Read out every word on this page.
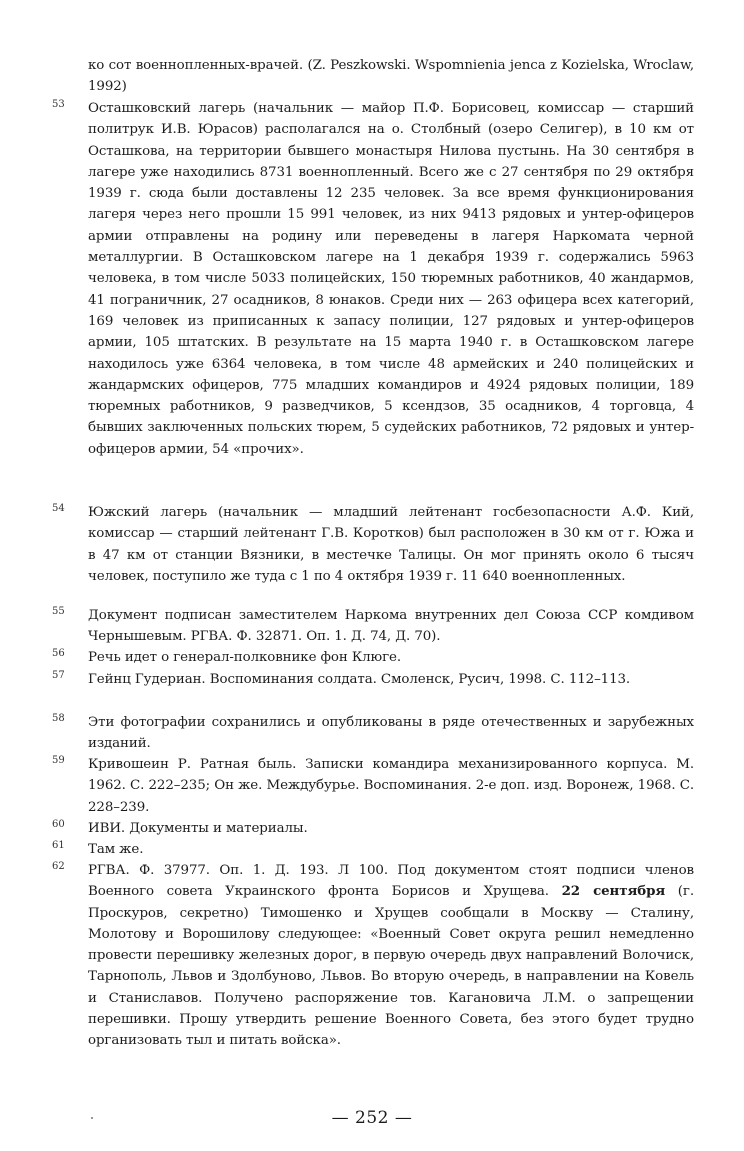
ко сот военнопленных-врачей. (Z. Peszkowski. Wspomnienia jenca z Kozielska, Wroclaw, 1992)
53 Осташковский лагерь (начальник — майор П.Ф. Борисовец, комиссар — старший политрук И.В. Юрасов) располагался на о. Столбный (озеро Селигер), в 10 км от Осташкова, на территории бывшего монастыря Нилова пустынь. На 30 сентября в лагере уже находились 8731 военнопленный. Всего же с 27 сентября по 29 октября 1939 г. сюда были доставлены 12 235 человек. За все время функционирования лагеря через него прошли 15 991 человек, из них 9413 рядовых и унтер-офицеров армии отправлены на родину или переведены в лагеря Наркомата черной металлургии. В Осташковском лагере на 1 декабря 1939 г. содержались 5963 человека, в том числе 5033 полицейских, 150 тюремных работников, 40 жандармов, 41 пограничник, 27 осадников, 8 юнаков. Среди них — 263 офицера всех категорий, 169 человек из приписанных к запасу полиции, 127 рядовых и унтер-офицеров армии, 105 штатских. В результате на 15 марта 1940 г. в Осташковском лагере находилось уже 6364 человека, в том числе 48 армейских и 240 полицейских и жандармских офицеров, 775 младших командиров и 4924 рядовых полиции, 189 тюремных работников, 9 разведчиков, 5 ксендзов, 35 осадников, 4 торговца, 4 бывших заключенных польских тюрем, 5 судейских работников, 72 рядовых и унтер-офицеров армии, 54 «прочих».
54 Южский лагерь (начальник — младший лейтенант госбезопасности А.Ф. Кий, комиссар — старший лейтенант Г.В. Коротков) был расположен в 30 км от г. Южа и в 47 км от станции Вязники, в местечке Талицы. Он мог принять около 6 тысяч человек, поступило же туда с 1 по 4 октября 1939 г. 11 640 военнопленных.
55 Документ подписан заместителем Наркома внутренних дел Союза ССР комдивом Чернышевым. РГВА. Ф. 32871. Оп. 1. Д. 74, Д. 70).
56 Речь идет о генерал-полковнике фон Клюге.
57 Гейнц Гудериан. Воспоминания солдата. Смоленск, Русич, 1998. С. 112–113.
58 Эти фотографии сохранились и опубликованы в ряде отечественных и зарубежных изданий.
59 Кривошеин Р. Ратная быль. Записки командира механизированного корпуса. М. 1962. С. 222–235; Он же. Междубурье. Воспоминания. 2-е доп. изд. Воронеж, 1968. С. 228–239.
60 ИВИ. Документы и материалы.
61 Там же.
62 РГВА. Ф. 37977. Оп. 1. Д. 193. Л 100. Под документом стоят подписи членов Военного совета Украинского фронта Борисов и Хрущева. 22 сентября (г. Проскуров, секретно) Тимошенко и Хрущев сообщали в Москву — Сталину, Молотову и Ворошилову следующее: «Военный Совет округа решил немедленно провести перешивку железных дорог, в первую очередь двух направлений Волочиск, Тарнополь, Львов и Здолбуново, Львов. Во вторую очередь, в направлении на Ковель и Станиславов. Получено распоряжение тов. Кагановича Л.М. о запрещении перешивки. Прошу утвердить решение Военного Совета, без этого будет трудно организовать тыл и питать войска».
— 252 —
